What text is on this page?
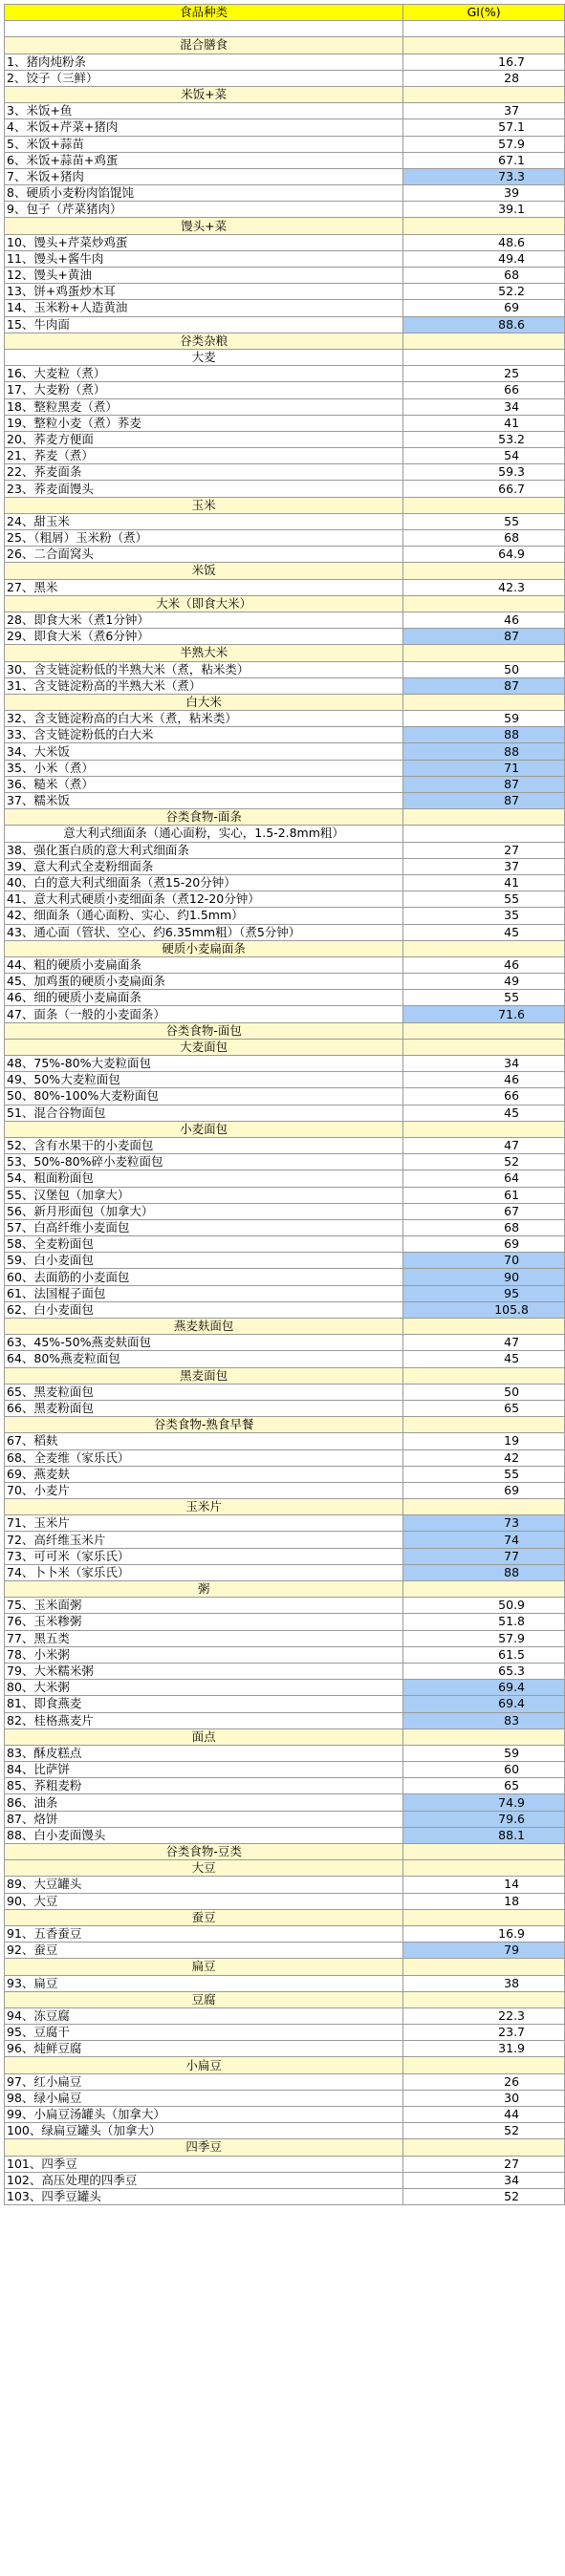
食品种类	GI(%)

混合膳食	
1、猪肉炖粉条	16.7
2、饺子（三鲜）	28
米饭+菜	
3、米饭+鱼	37
4、米饭+芹菜+猪肉	57.1
5、米饭+蒜苗	57.9
6、米饭+蒜苗+鸡蛋	67.1
7、米饭+猪肉	73.3
8、硬质小麦粉肉馅馄饨	39
9、包子（芹菜猪肉）	39.1
馒头+菜	
10、馒头+芹菜炒鸡蛋	48.6
11、馒头+酱牛肉	49.4
12、馒头+黄油	68
13、饼+鸡蛋炒木耳	52.2
14、玉米粉+人造黄油	69
15、牛肉面	88.6
谷类杂粮	
大麦	
16、大麦粒（煮）	25
17、大麦粉（煮）	66
18、整粒黑麦（煮）	34
19、整粒小麦（煮）荞麦	41
20、荞麦方便面	53.2
21、荞麦（煮）	54
22、荞麦面条	59.3
23、荞麦面馒头	66.7
玉米	
24、甜玉米	55
25、（粗屑）玉米粉（煮）	68
26、二合面窝头	64.9
米饭	
27、黑米	42.3
大米（即食大米）	
28、即食大米（煮1分钟）	46
29、即食大米（煮6分钟）	87
半熟大米	
30、含支链淀粉低的半熟大米（煮，粘米类）	50
31、含支链淀粉高的半熟大米（煮）	87
白大米	
32、含支链淀粉高的白大米（煮，粘米类）	59
33、含支链淀粉低的白大米	88
34、大米饭	88
35、小米（煮）	71
36、糙米（煮）	87
37、糯米饭	87
谷类食物-面条	
意大利式细面条（通心面粉，实心，1.5-2.8mm粗）	
38、强化蛋白质的意大利式细面条	27
39、意大利式全麦粉细面条	37
40、白的意大利式细面条（煮15-20分钟）	41
41、意大利式硬质小麦细面条（煮12-20分钟）	55
42、细面条（通心面粉、实心、约1.5mm）	35
43、通心面（管状、空心、约6.35mm粗）（煮5分钟）	45
硬质小麦扁面条	
44、粗的硬质小麦扁面条	46
45、加鸡蛋的硬质小麦扁面条	49
46、细的硬质小麦扁面条	55
47、面条（一般的小麦面条）	71.6
谷类食物-面包	
大麦面包	
48、75%-80%大麦粒面包	34
49、50%大麦粒面包	46
50、80%-100%大麦粉面包	66
51、混合谷物面包	45
小麦面包	
52、含有水果干的小麦面包	47
53、50%-80%碎小麦粒面包	52
54、粗面粉面包	64
55、汉堡包（加拿大）	61
56、新月形面包（加拿大）	67
57、白高纤维小麦面包	68
58、全麦粉面包	69
59、白小麦面包	70
60、去面筋的小麦面包	90
61、法国棍子面包	95
62、白小麦面包	105.8
燕麦麸面包	
63、45%-50%燕麦麸面包	47
64、80%燕麦粒面包	45
黑麦面包	
65、黑麦粒面包	50
66、黑麦粉面包	65
谷类食物-熟食早餐	
67、稻麸	19
68、全麦维（家乐氏）	42
69、燕麦麸	55
70、小麦片	69
玉米片	
71、玉米片	73
72、高纤维玉米片	74
73、可可米（家乐氏）	77
74、卜卜米（家乐氏）	88
粥	
75、玉米面粥	50.9
76、玉米糁粥	51.8
77、黑五类	57.9
78、小米粥	61.5
79、大米糯米粥	65.3
80、大米粥	69.4
81、即食燕麦	69.4
82、桂格燕麦片	83
面点	
83、酥皮糕点	59
84、比萨饼	60
85、荞粗麦粉	65
86、油条	74.9
87、烙饼	79.6
88、白小麦面馒头	88.1
谷类食物-豆类	
大豆	
89、大豆罐头	14
90、大豆	18
蚕豆	
91、五香蚕豆	16.9
92、蚕豆	79
扁豆	
93、扁豆	38
豆腐	
94、冻豆腐	22.3
95、豆腐干	23.7
96、炖鲜豆腐	31.9
小扁豆	
97、红小扁豆	26
98、绿小扁豆	30
99、小扁豆汤罐头（加拿大）	44
100、绿扁豆罐头（加拿大）	52
四季豆	
101、四季豆	27
102、高压处理的四季豆	34
103、四季豆罐头	52
